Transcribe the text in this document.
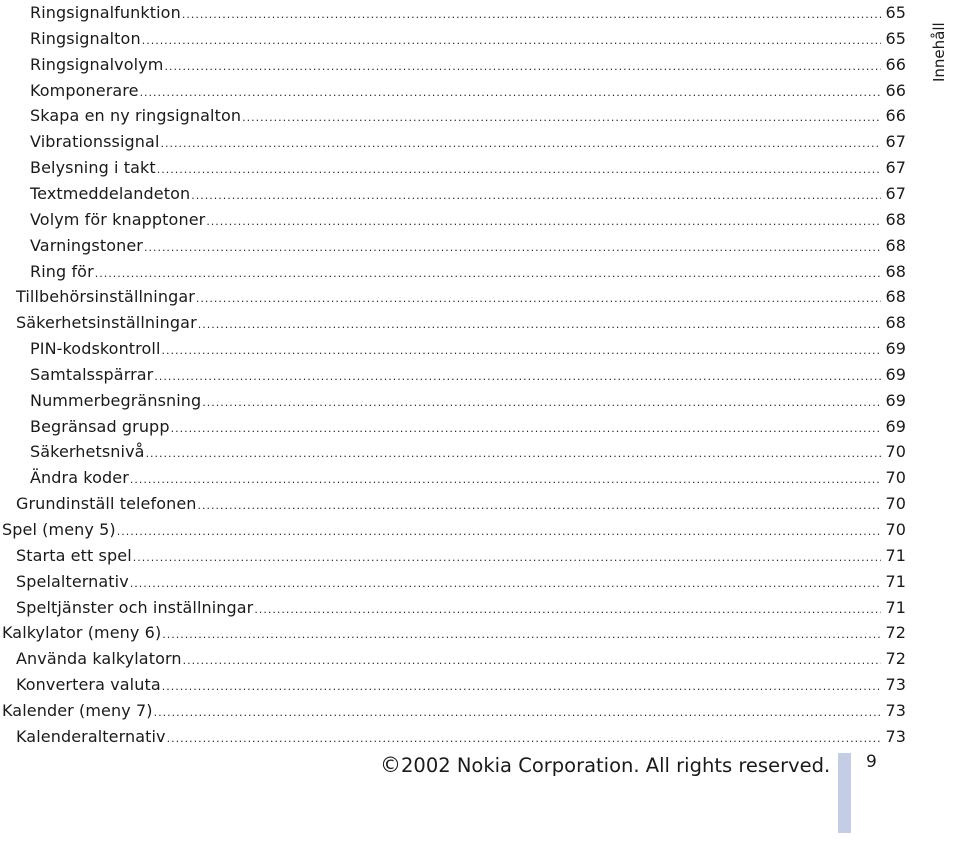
Ringsignalfunktion .....	65
Ringsignalton .....	65
Ringsignalvolym .....	66
Komponerare .....	66
Skapa en ny ringsignalton .....	66
Vibrationssignal .....	67
Belysning i takt .....	67
Textmeddelandeton .....	67
Volym för knapptoner .....	68
Varningstoner .....	68
Ring för .....	68
Tillbehörsinställningar .....	68
Säkerhetsinställningar .....	68
PIN-kodskontroll .....	69
Samtalsspärrar .....	69
Nummerbegränsning .....	69
Begränsad grupp .....	69
Säkerhetsnivå .....	70
Ändra koder .....	70
Grundinställ telefonen .....	70
Spel (meny 5) .....	70
Starta ett spel .....	71
Spelalternativ .....	71
Speltjänster och inställningar .....	71
Kalkylator (meny 6) .....	72
Använda kalkylatorn .....	72
Konvertera valuta .....	73
Kalender (meny 7) .....	73
Kalenderalternativ .....	73
Innehåll
©2002 Nokia Corporation. All rights reserved. 9
